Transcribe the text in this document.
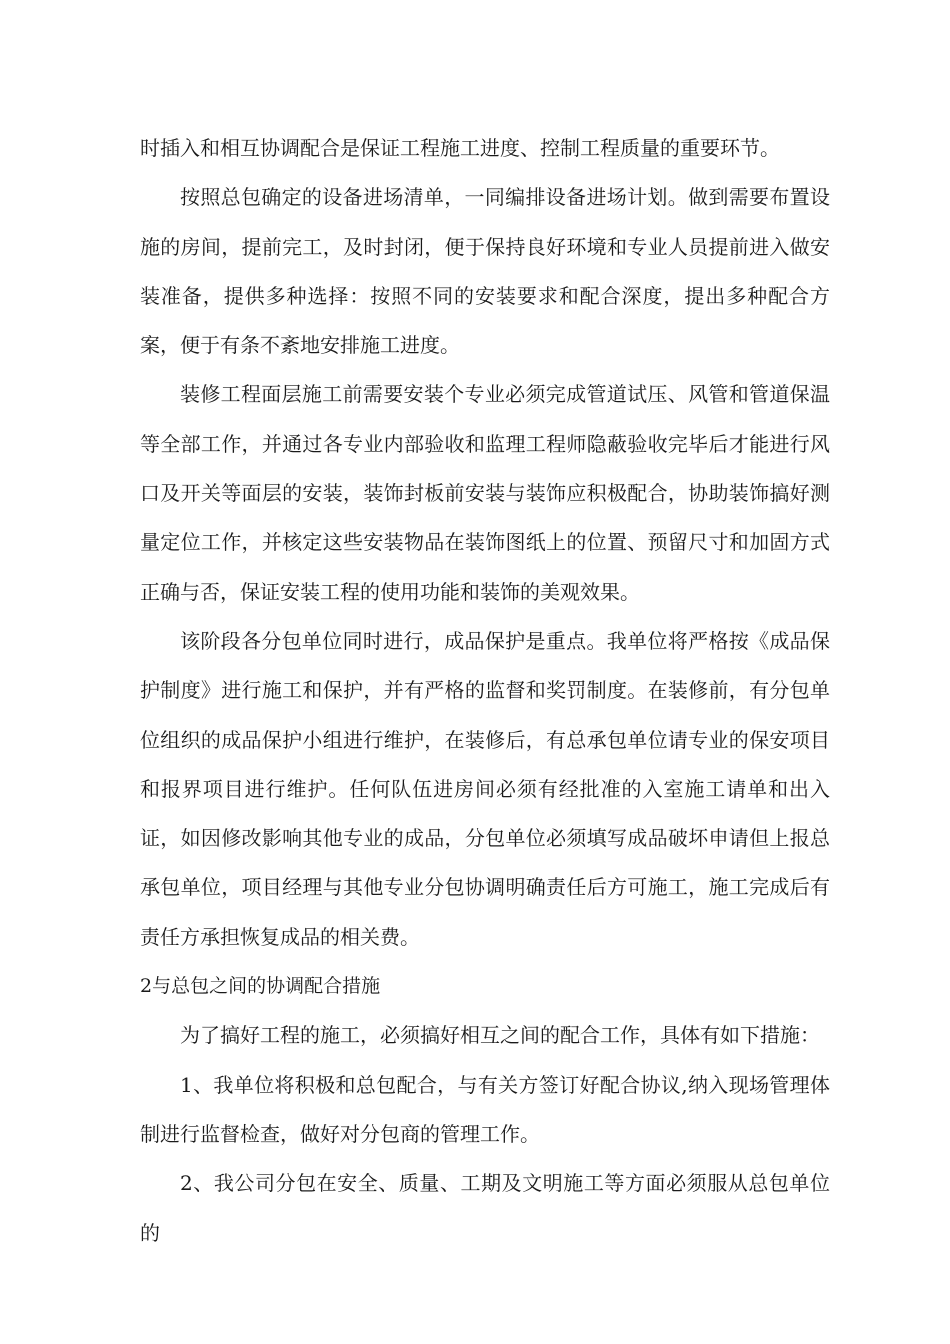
时插入和相互协调配合是保证工程施工进度、控制工程质量的重要环节。

按照总包确定的设备进场清单，一同编排设备进场计划。做到需要布置设施的房间，提前完工，及时封闭，便于保持良好环境和专业人员提前进入做安装准备，提供多种选择：按照不同的安装要求和配合深度，提出多种配合方案，便于有条不紊地安排施工进度。

装修工程面层施工前需要安装个专业必须完成管道试压、风管和管道保温等全部工作，并通过各专业内部验收和监理工程师隐蔽验收完毕后才能进行风口及开关等面层的安装，装饰封板前安装与装饰应积极配合，协助装饰搞好测量定位工作，并核定这些安装物品在装饰图纸上的位置、预留尺寸和加固方式正确与否，保证安装工程的使用功能和装饰的美观效果。

该阶段各分包单位同时进行，成品保护是重点。我单位将严格按《成品保护制度》进行施工和保护，并有严格的监督和奖罚制度。在装修前，有分包单位组织的成品保护小组进行维护，在装修后，有总承包单位请专业的保安项目和报界项目进行维护。任何队伍进房间必须有经批准的入室施工请单和出入证，如因修改影响其他专业的成品，分包单位必须填写成品破坏申请但上报总承包单位，项目经理与其他专业分包协调明确责任后方可施工，施工完成后有责任方承担恢复成品的相关费。

2与总包之间的协调配合措施

为了搞好工程的施工，必须搞好相互之间的配合工作，具体有如下措施：

1、我单位将积极和总包配合，与有关方签订好配合协议,纳入现场管理体制进行监督检查，做好对分包商的管理工作。

2、我公司分包在安全、质量、工期及文明施工等方面必须服从总包单位的
